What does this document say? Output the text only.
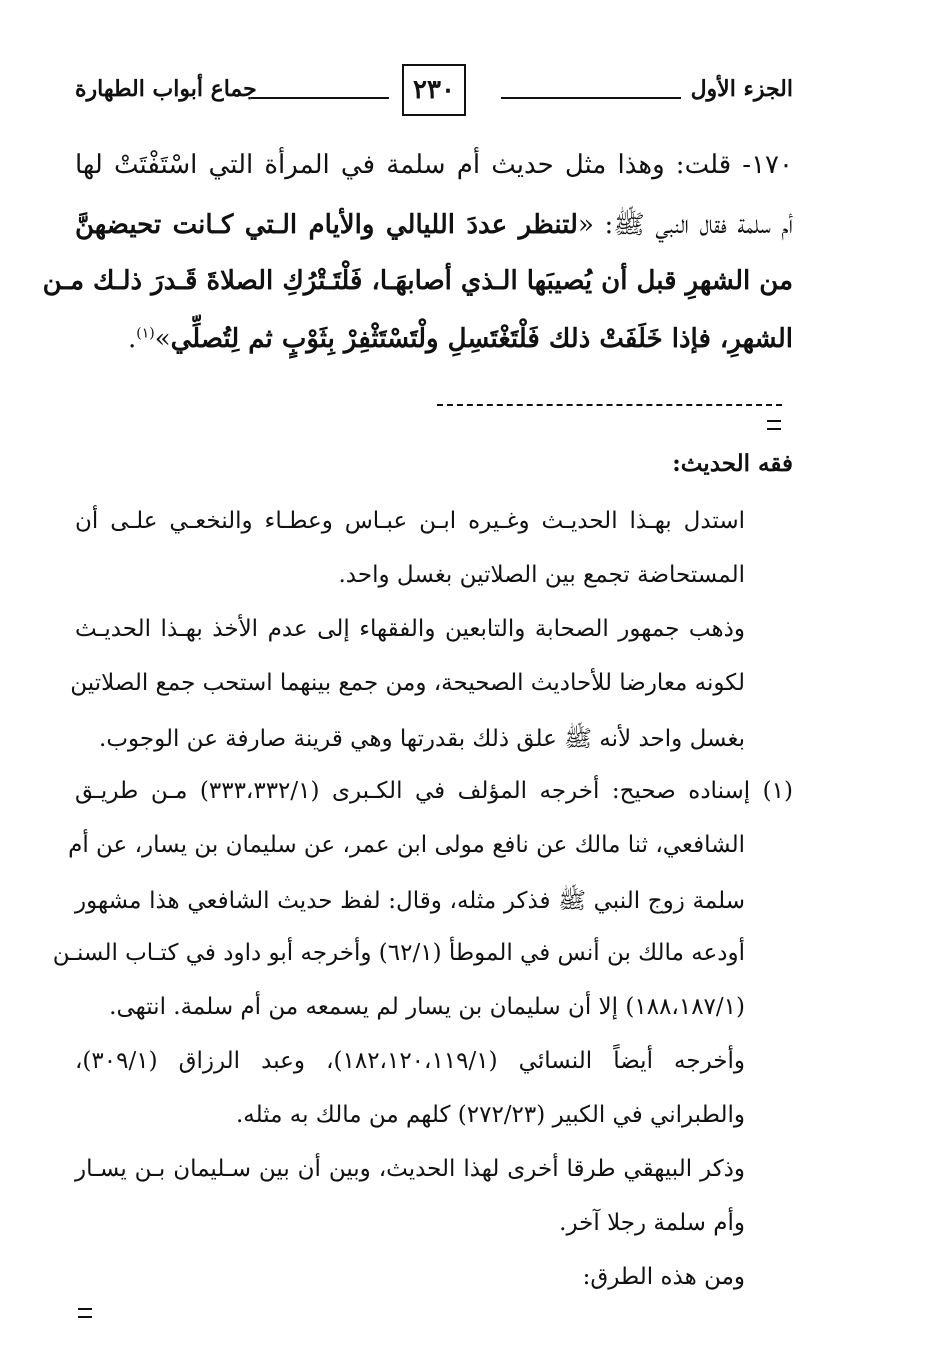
الجزء الأول
٢٣٠
جماع أبواب الطهارة
١٧٠- قلت: وهذا مثل حديث أم سلمة في المرأة التي اسْتَفْتَتْ لها
أم سلمة فقال النبي ﷺ: «لتنظر عددَ الليالي والأيام الـتي كـانت تحيضهنَّ
من الشهرِ قبل أن يُصيبَها الـذي أصابهَـا، فَلْتَـتْرُكِ الصلاةَ قَـدرَ ذلـك مـن
الشهرِ، فإذا خَلَفَتْ ذلك فَلْتَغْتَسِلِ ولْتَسْتَثْفِرْ بِثَوْبٍ ثم لِتُصلِّي»$^{(١)}$.
فقه الحديث:
استدل بهـذا الحديـث وغـيره ابـن عبـاس وعطـاء والنخعـي علـى أن
المستحاضة تجمع بين الصلاتين بغسل واحد.
وذهب جمهور الصحابة والتابعين والفقهاء إلى عدم الأخذ بهـذا الحديـث
لكونه معارضا للأحاديث الصحيحة، ومن جمع بينهما استحب جمع الصلاتين
بغسل واحد لأنه ﷺ علق ذلك بقدرتها وهي قرينة صارفة عن الوجوب.
(١) إسناده صحيح: أخرجه المؤلف في الكـبرى (٣٣٣،٣٣٢/١) مـن طريـق
الشافعي، ثنا مالك عن نافع مولى ابن عمر، عن سليمان بن يسار، عن أم
سلمة زوج النبي ﷺ فذكر مثله، وقال: لفظ حديث الشافعي هذا مشهور
أودعه مالك بن أنس في الموطأ (٦٢/١) وأخرجه أبو داود في كتـاب السنـن
(١٨٨،١٨٧/١) إلا أن سليمان بن يسار لم يسمعه من أم سلمة. انتهى.
وأخرجه أيضاً النسائي (١٨٢،١٢٠،١١٩/١)، وعبد الرزاق (٣٠٩/١)،
والطبراني في الكبير (٢٧٢/٢٣) كلهم من مالك به مثله.
وذكر البيهقي طرقا أخرى لهذا الحديث، وبين أن بين سـليمان بـن يسـار
وأم سلمة رجلا آخر.
ومن هذه الطرق:
